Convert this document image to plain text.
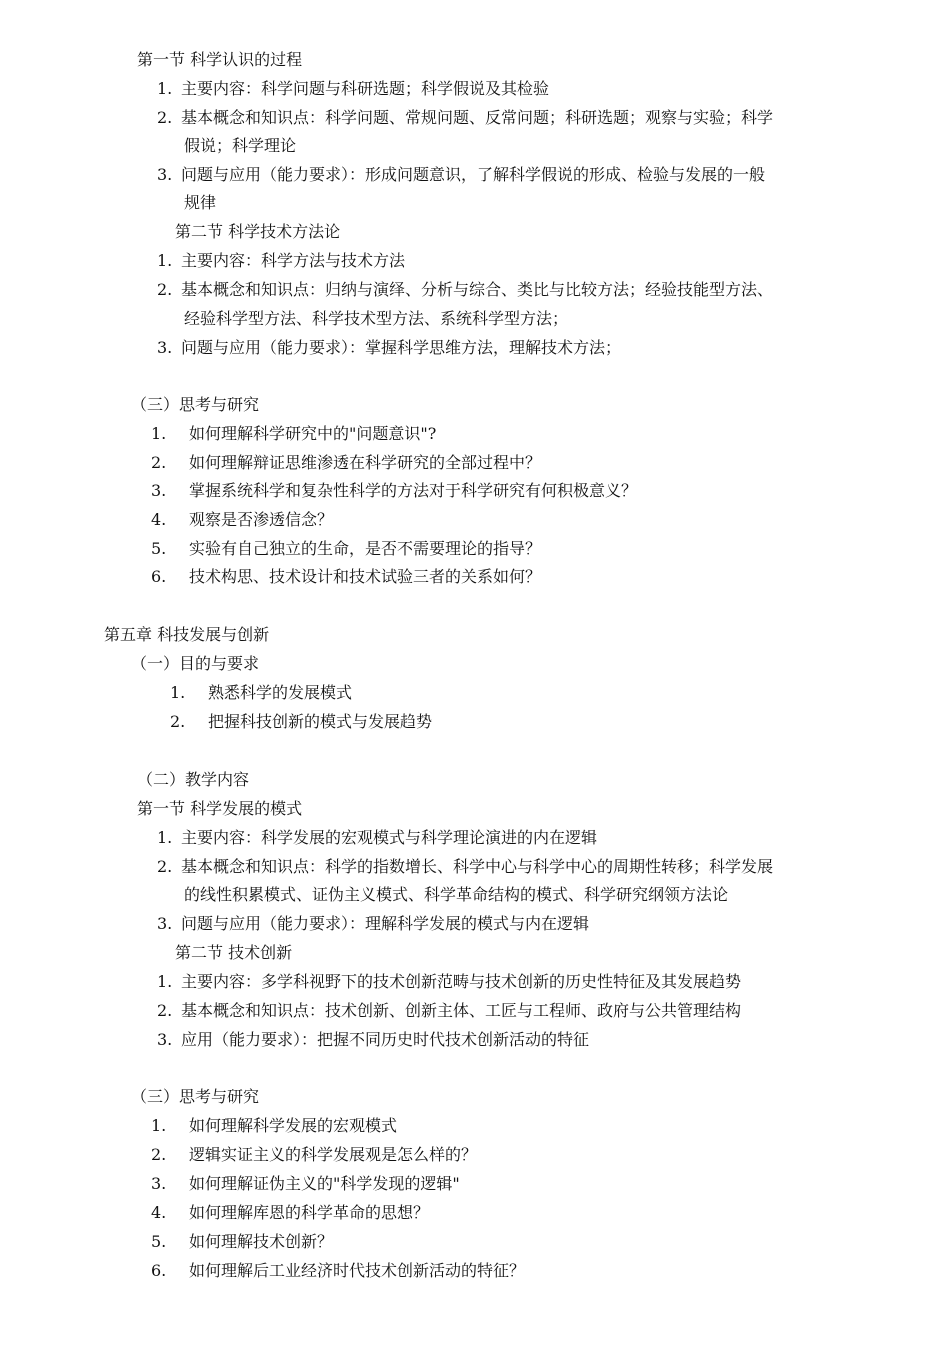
第一节 科学认识的过程
1. 主要内容：科学问题与科研选题；科学假说及其检验
2. 基本概念和知识点：科学问题、常规问题、反常问题；科研选题；观察与实验；科学
假说；科学理论
3. 问题与应用（能力要求）：形成问题意识，了解科学假说的形成、检验与发展的一般
规律
第二节 科学技术方法论
1. 主要内容：科学方法与技术方法
2. 基本概念和知识点：归纳与演绎、分析与综合、类比与比较方法；经验技能型方法、
经验科学型方法、科学技术型方法、系统科学型方法；
3. 问题与应用（能力要求）：掌握科学思维方法，理解技术方法；
（三）思考与研究
1. 如何理解科学研究中的"问题意识"?
2. 如何理解辩证思维渗透在科学研究的全部过程中？
3. 掌握系统科学和复杂性科学的方法对于科学研究有何积极意义？
4. 观察是否渗透信念？
5. 实验有自己独立的生命，是否不需要理论的指导？
6. 技术构思、技术设计和技术试验三者的关系如何？
第五章 科技发展与创新
（一）目的与要求
1. 熟悉科学的发展模式
2. 把握科技创新的模式与发展趋势
（二）教学内容
第一节 科学发展的模式
1. 主要内容：科学发展的宏观模式与科学理论演进的内在逻辑
2. 基本概念和知识点：科学的指数增长、科学中心与科学中心的周期性转移；科学发展
的线性积累模式、证伪主义模式、科学革命结构的模式、科学研究纲领方法论
3. 问题与应用（能力要求）：理解科学发展的模式与内在逻辑
第二节 技术创新
1. 主要内容：多学科视野下的技术创新范畴与技术创新的历史性特征及其发展趋势
2. 基本概念和知识点：技术创新、创新主体、工匠与工程师、政府与公共管理结构
3. 应用（能力要求）：把握不同历史时代技术创新活动的特征
（三）思考与研究
1. 如何理解科学发展的宏观模式
2. 逻辑实证主义的科学发展观是怎么样的？
3. 如何理解证伪主义的"科学发现的逻辑"
4. 如何理解库恩的科学革命的思想？
5. 如何理解技术创新？
6. 如何理解后工业经济时代技术创新活动的特征？
